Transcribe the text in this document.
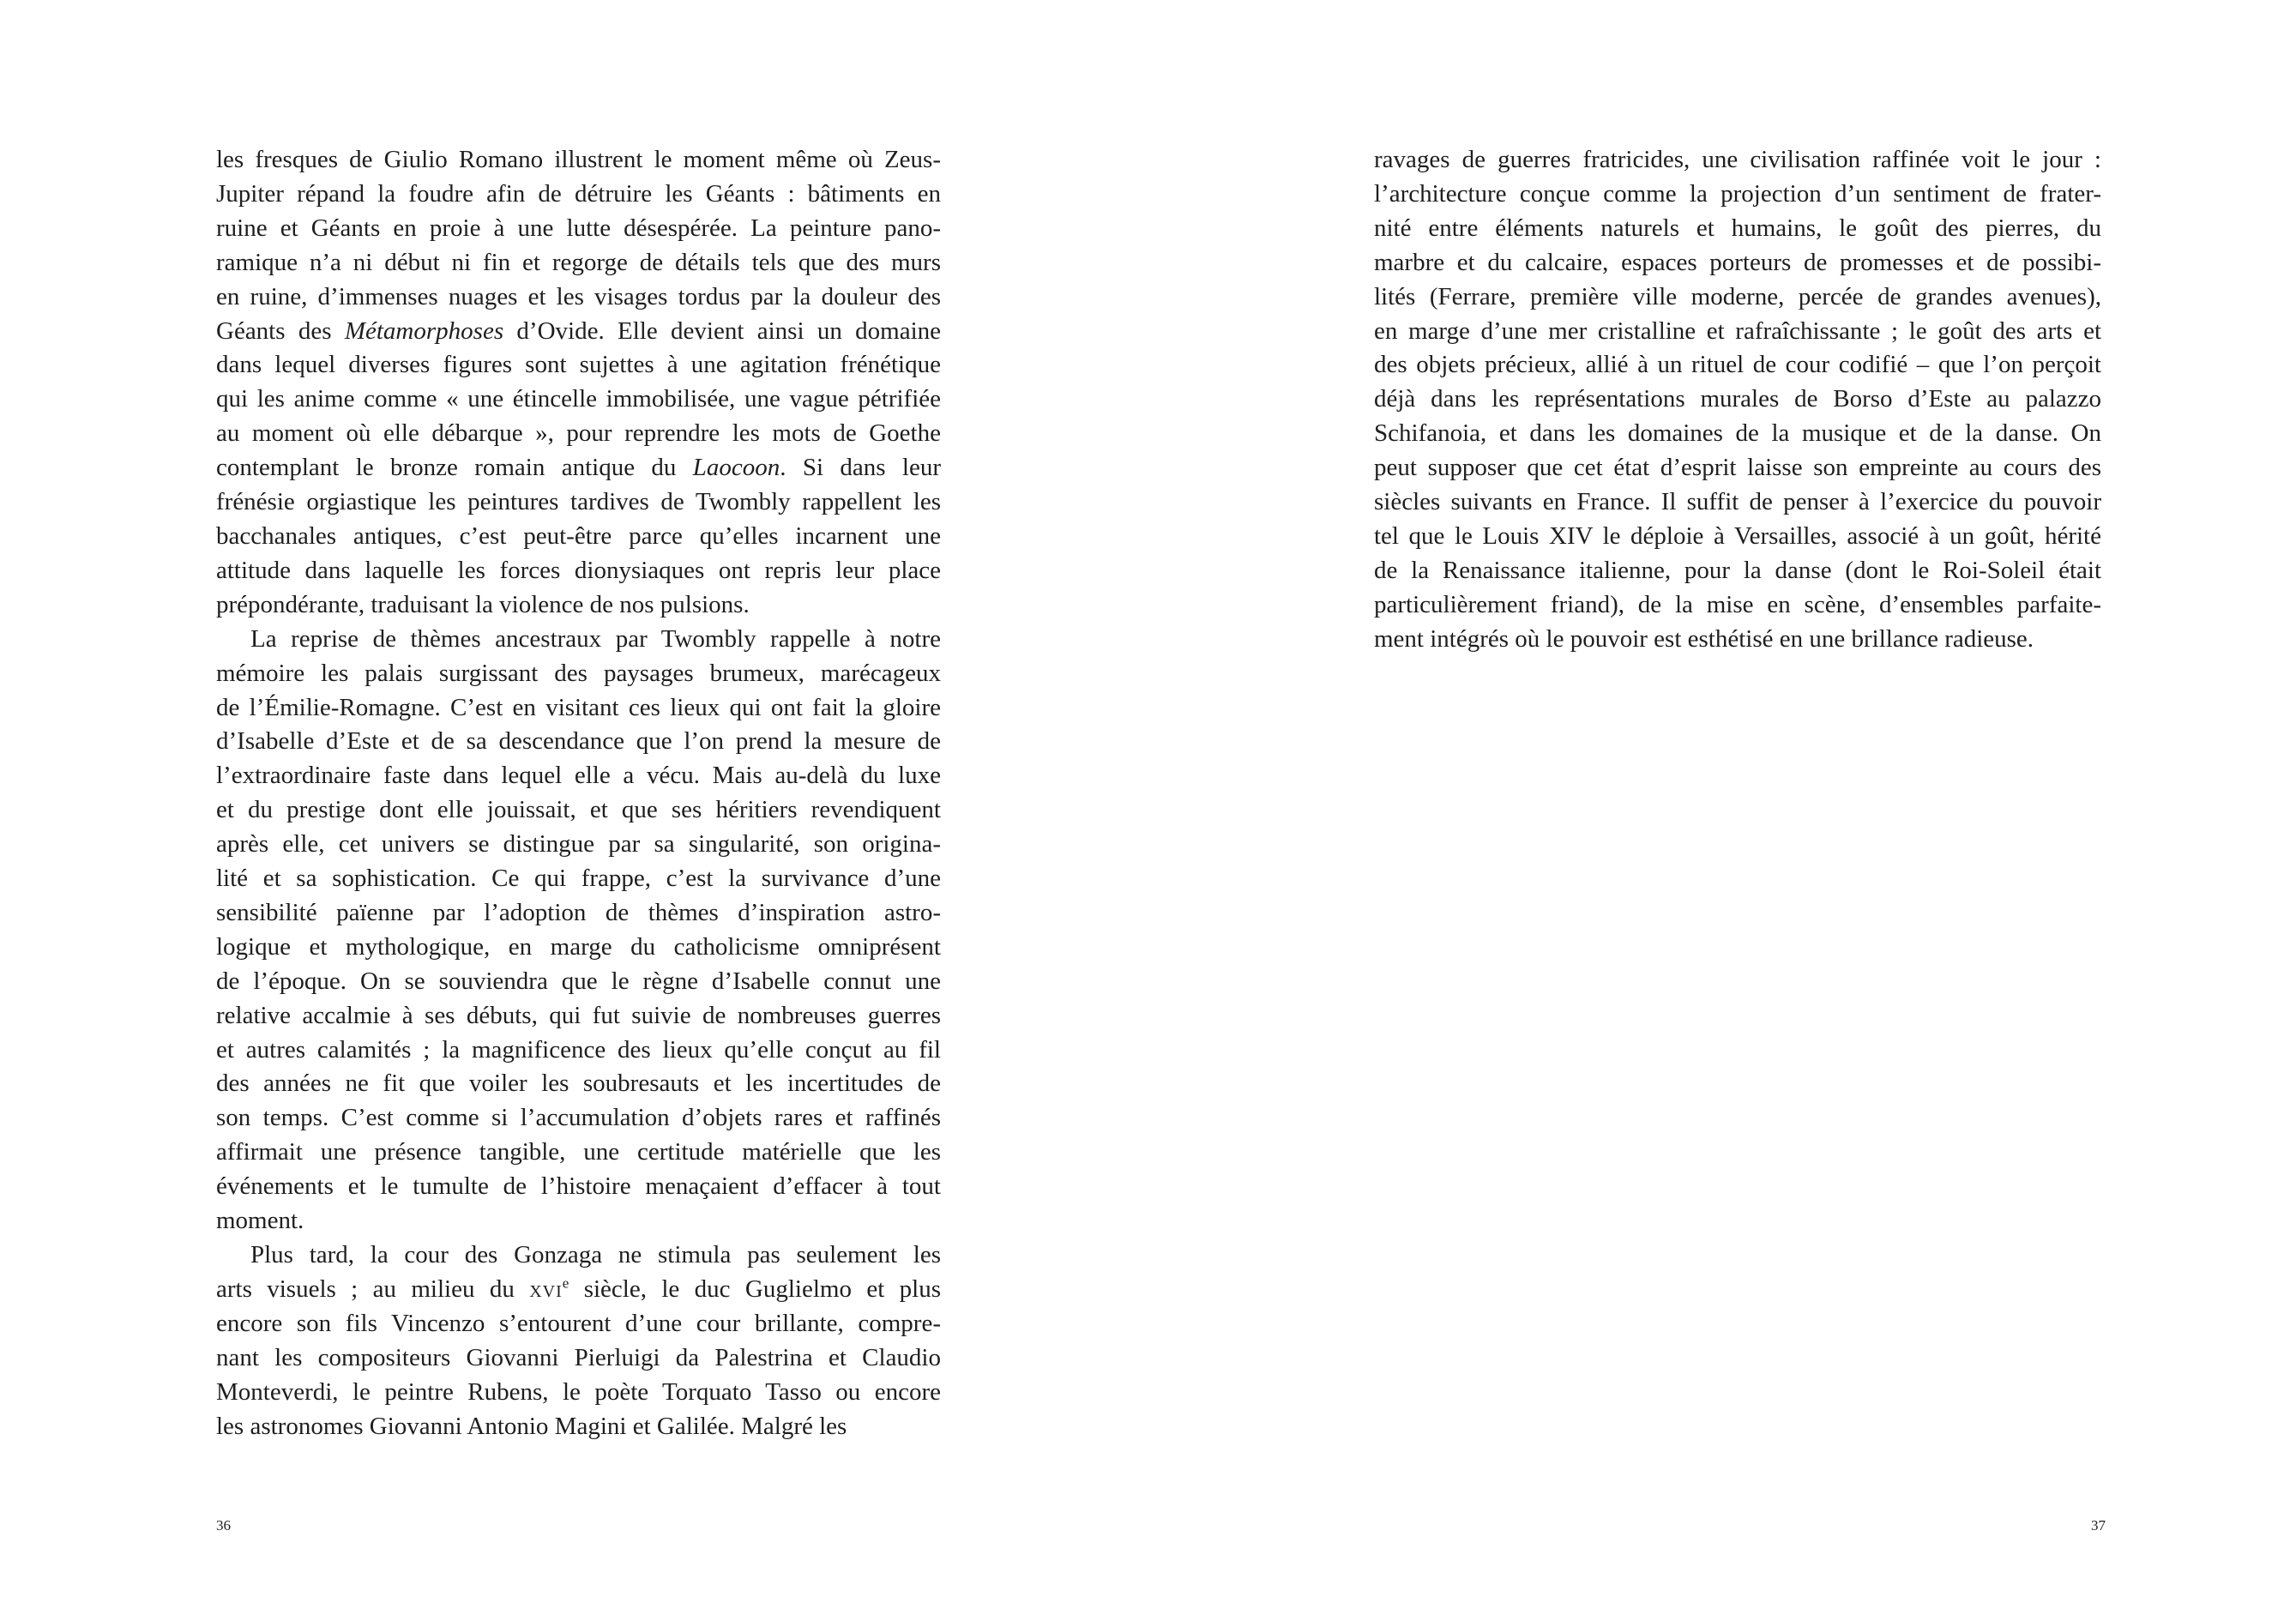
les fresques de Giulio Romano illustrent le moment même où Zeus-
Jupiter répand la foudre afin de détruire les Géants : bâtiments en
ruine et Géants en proie à une lutte désespérée. La peinture pano-
ramique n’a ni début ni fin et regorge de détails tels que des murs
en ruine, d’immenses nuages et les visages tordus par la douleur des
Géants des Métamorphoses d’Ovide. Elle devient ainsi un domaine
dans lequel diverses figures sont sujettes à une agitation frénétique
qui les anime comme « une étincelle immobilisée, une vague pétrifiée
au moment où elle débarque », pour reprendre les mots de Goethe
contemplant le bronze romain antique du Laocoon. Si dans leur
frénésie orgiastique les peintures tardives de Twombly rappellent les
bacchanales antiques, c’est peut-être parce qu’elles incarnent une
attitude dans laquelle les forces dionysiaques ont repris leur place
prépondérante, traduisant la violence de nos pulsions.
La reprise de thèmes ancestraux par Twombly rappelle à notre
mémoire les palais surgissant des paysages brumeux, marécageux
de l’Émilie-Romagne. C’est en visitant ces lieux qui ont fait la gloire
d’Isabelle d’Este et de sa descendance que l’on prend la mesure de
l’extraordinaire faste dans lequel elle a vécu. Mais au-delà du luxe
et du prestige dont elle jouissait, et que ses héritiers revendiquent
après elle, cet univers se distingue par sa singularité, son origina-
lité et sa sophistication. Ce qui frappe, c’est la survivance d’une
sensibilité païenne par l’adoption de thèmes d’inspiration astro-
logique et mythologique, en marge du catholicisme omniprésent
de l’époque. On se souviendra que le règne d’Isabelle connut une
relative accalmie à ses débuts, qui fut suivie de nombreuses guerres
et autres calamités ; la magnificence des lieux qu’elle conçut au fil
des années ne fit que voiler les soubresauts et les incertitudes de
son temps. C’est comme si l’accumulation d’objets rares et raffinés
affirmait une présence tangible, une certitude matérielle que les
événements et le tumulte de l’histoire menaçaient d’effacer à tout
moment.
Plus tard, la cour des Gonzaga ne stimula pas seulement les
arts visuels ; au milieu du xvi$^e$ siècle, le duc Guglielmo et plus
encore son fils Vincenzo s’entourent d’une cour brillante, compre-
nant les compositeurs Giovanni Pierluigi da Palestrina et Claudio
Monteverdi, le peintre Rubens, le poète Torquato Tasso ou encore
les astronomes Giovanni Antonio Magini et Galilée. Malgré les
36
ravages de guerres fratricides, une civilisation raffinée voit le jour :
l’architecture conçue comme la projection d’un sentiment de frater-
nité entre éléments naturels et humains, le goût des pierres, du
marbre et du calcaire, espaces porteurs de promesses et de possibi-
lités (Ferrare, première ville moderne, percée de grandes avenues),
en marge d’une mer cristalline et rafraîchissante ; le goût des arts et
des objets précieux, allié à un rituel de cour codifié – que l’on perçoit
déjà dans les représentations murales de Borso d’Este au palazzo
Schifanoia, et dans les domaines de la musique et de la danse. On
peut supposer que cet état d’esprit laisse son empreinte au cours des
siècles suivants en France. Il suffit de penser à l’exercice du pouvoir
tel que le Louis XIV le déploie à Versailles, associé à un goût, hérité
de la Renaissance italienne, pour la danse (dont le Roi-Soleil était
particulièrement friand), de la mise en scène, d’ensembles parfaite-
ment intégrés où le pouvoir est esthétisé en une brillance radieuse.
37
